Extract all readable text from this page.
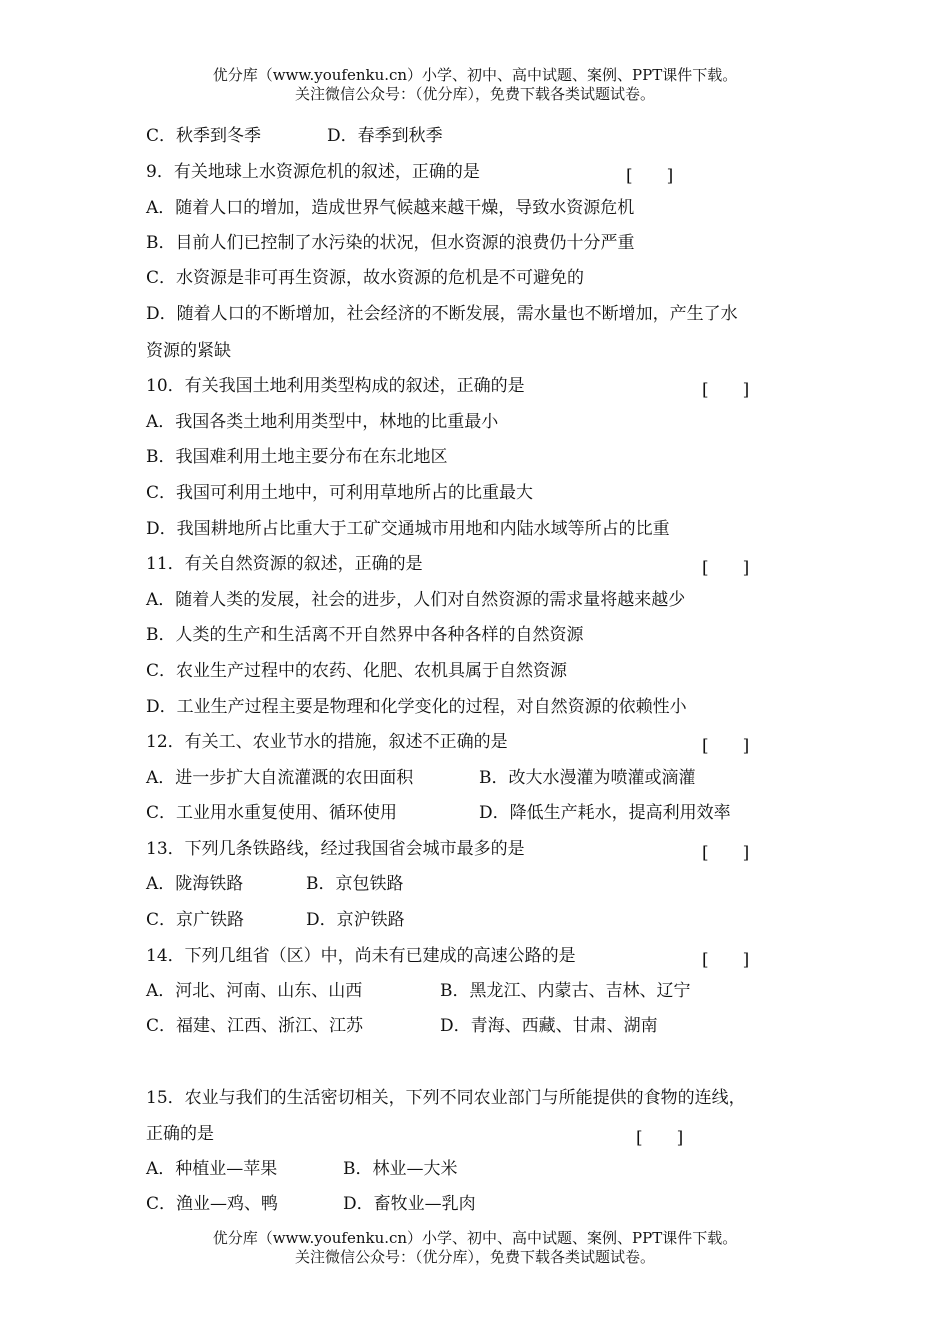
优分库（www.youfenku.cn）小学、初中、高中试题、案例、PPT课件下载。
关注微信公众号：（优分库），免费下载各类试题试卷。
C．秋季到冬季	D．春季到秋季
9．有关地球上水资源危机的叙述，正确的是	[　　]
A．随着人口的增加，造成世界气候越来越干燥，导致水资源危机
B．目前人们已控制了水污染的状况，但水资源的浪费仍十分严重
C．水资源是非可再生资源，故水资源的危机是不可避免的
D．随着人口的不断增加，社会经济的不断发展，需水量也不断增加，产生了水
资源的紧缺
10．有关我国土地利用类型构成的叙述，正确的是	[　　]
A．我国各类土地利用类型中，林地的比重最小
B．我国难利用土地主要分布在东北地区
C．我国可利用土地中，可利用草地所占的比重最大
D．我国耕地所占比重大于工矿交通城市用地和内陆水域等所占的比重
11．有关自然资源的叙述，正确的是	[　　]
A．随着人类的发展，社会的进步，人们对自然资源的需求量将越来越少
B．人类的生产和生活离不开自然界中各种各样的自然资源
C．农业生产过程中的农药、化肥、农机具属于自然资源
D．工业生产过程主要是物理和化学变化的过程，对自然资源的依赖性小
12．有关工、农业节水的措施，叙述不正确的是	[　　]
A．进一步扩大自流灌溉的农田面积	B．改大水漫灌为喷灌或滴灌
C．工业用水重复使用、循环使用	D．降低生产耗水，提高利用效率
13．下列几条铁路线，经过我国省会城市最多的是	[　　]
A．陇海铁路	B．京包铁路
C．京广铁路	D．京沪铁路
14．下列几组省（区）中，尚未有已建成的高速公路的是	[　　]
A．河北、河南、山东、山西	B．黑龙江、内蒙古、吉林、辽宁
C．福建、江西、浙江、江苏	D．青海、西藏、甘肃、湖南
15．农业与我们的生活密切相关，下列不同农业部门与所能提供的食物的连线，
正确的是	[　　]
A．种植业—苹果	B．林业—大米
C．渔业—鸡、鸭	D．畜牧业—乳肉
优分库（www.youfenku.cn）小学、初中、高中试题、案例、PPT课件下载。
关注微信公众号：（优分库），免费下载各类试题试卷。
